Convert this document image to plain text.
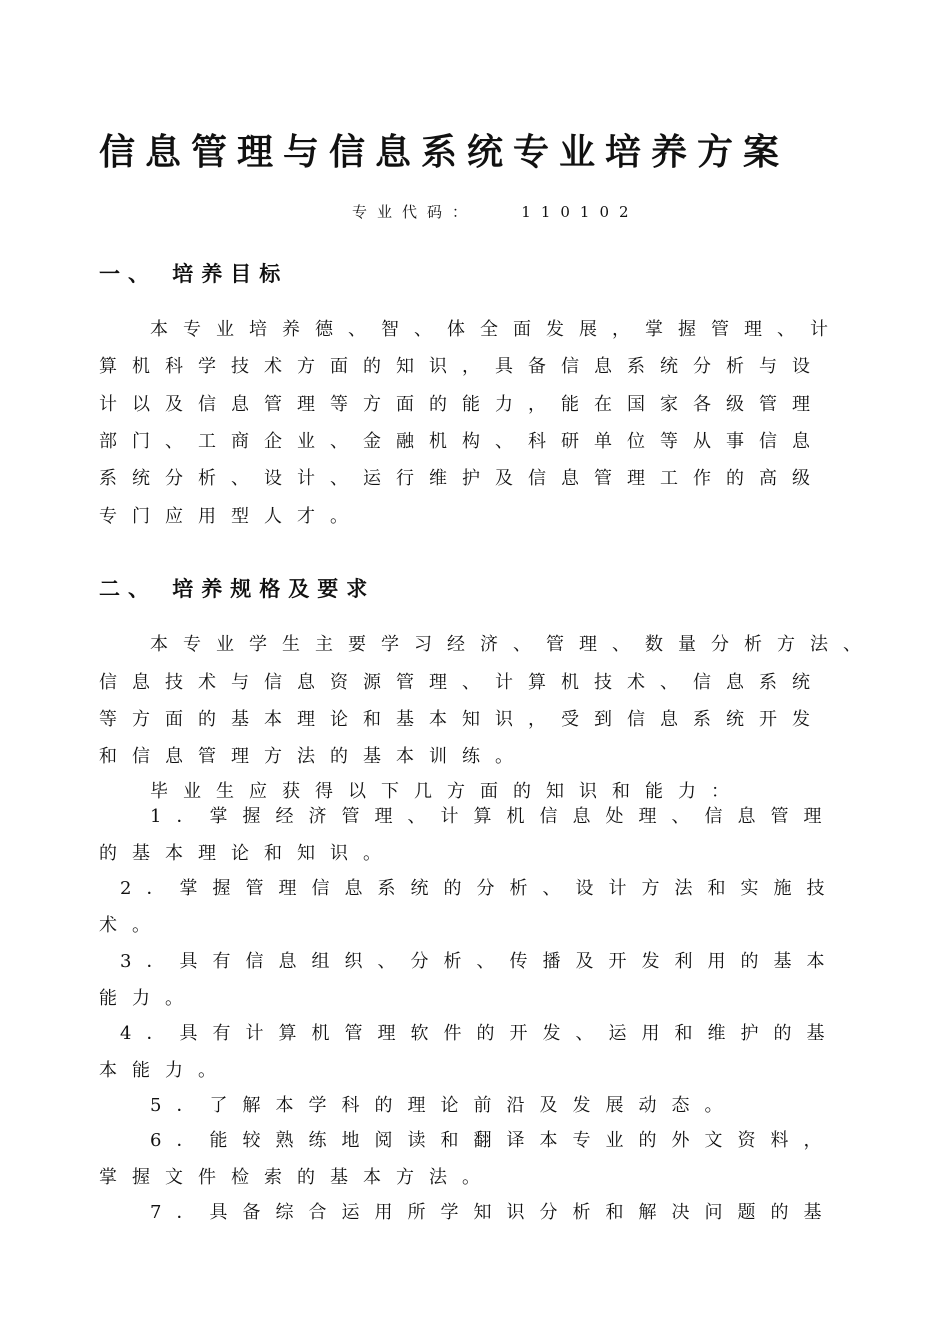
信息管理与信息系统专业培养方案
专业代码：   110102
一、 培养目标
本专业培养德、智、体全面发展，掌握管理、计
算机科学技术方面的知识，具备信息系统分析与设
计以及信息管理等方面的能力，能在国家各级管理
部门、工商企业、金融机构、科研单位等从事信息
系统分析、设计、运行维护及信息管理工作的高级
专门应用型人才。
二、 培养规格及要求
本专业学生主要学习经济、管理、数量分析方法、
信息技术与信息资源管理、计算机技术、信息系统
等方面的基本理论和基本知识，受到信息系统开发
和信息管理方法的基本训练。
毕业生应获得以下几方面的知识和能力：
1．掌握经济管理、计算机信息处理、信息管理
的基本理论和知识。
2．掌握管理信息系统的分析、设计方法和实施技
术。
3．具有信息组织、分析、传播及开发利用的基本
能力。
4．具有计算机管理软件的开发、运用和维护的基
本能力。
5．了解本学科的理论前沿及发展动态。
6．能较熟练地阅读和翻译本专业的外文资料，
掌握文件检索的基本方法。
7．具备综合运用所学知识分析和解决问题的基
